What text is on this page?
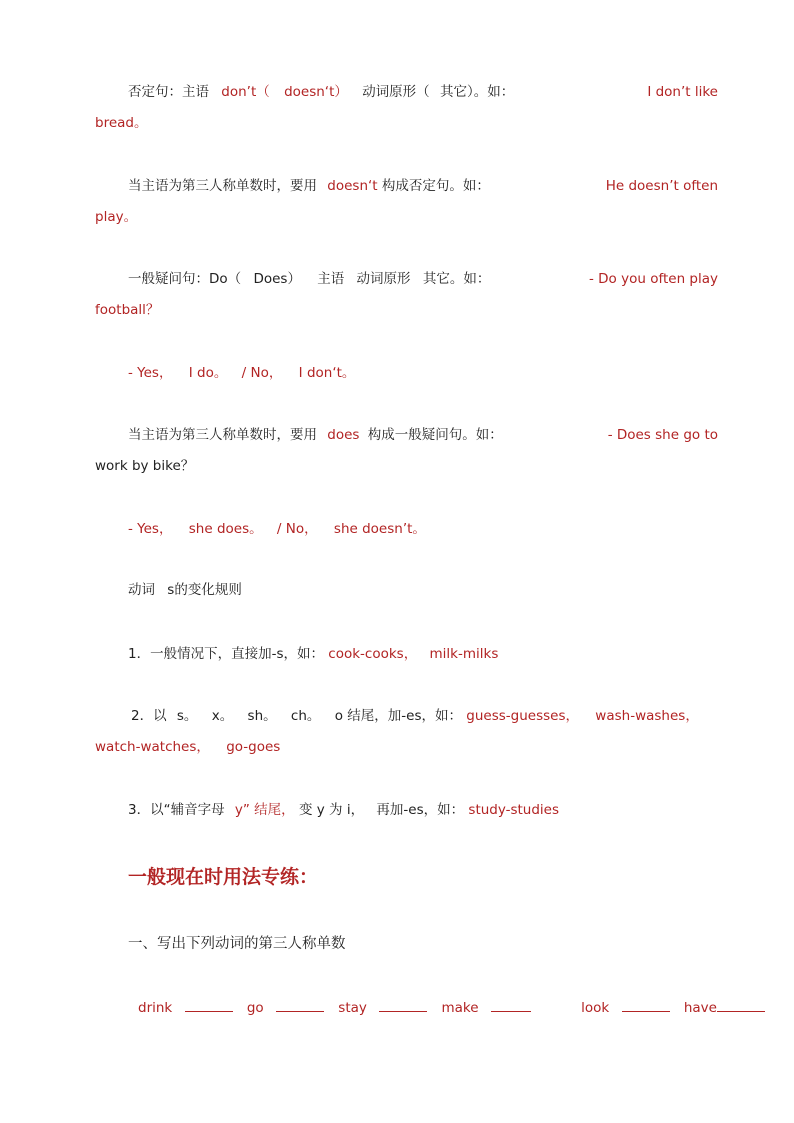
否定句：主语 don’t（ doesn‘t） 动词原形（ 其它）。如：	I don’t like
bread。
当主语为第三人称单数时，要用 doesn‘t 构成否定句。如：	He doesn’t often
play。
一般疑问句：Do（ Does） 主语 动词原形 其它。如：	- Do you often play
football？
- Yes， I do。 / No， I don‘t。
当主语为第三人称单数时，要用 does 构成一般疑问句。如：	- Does she go to
work by bike？
- Yes， she does。 / No， she doesn’t。
动词 s的变化规则
1．一般情况下，直接加-s，如： cook-cooks， milk-milks
2．以 s。 x。 sh。 ch。 o 结尾，加-es，如： guess-guesses， wash-washes，
watch-watches， go-goes
3．以“辅音字母 y” 结尾， 变 y 为 i， 再加-es，如： study-studies
一般现在时用法专练：
一、写出下列动词的第三人称单数
drink	go	stay	make	look	have
